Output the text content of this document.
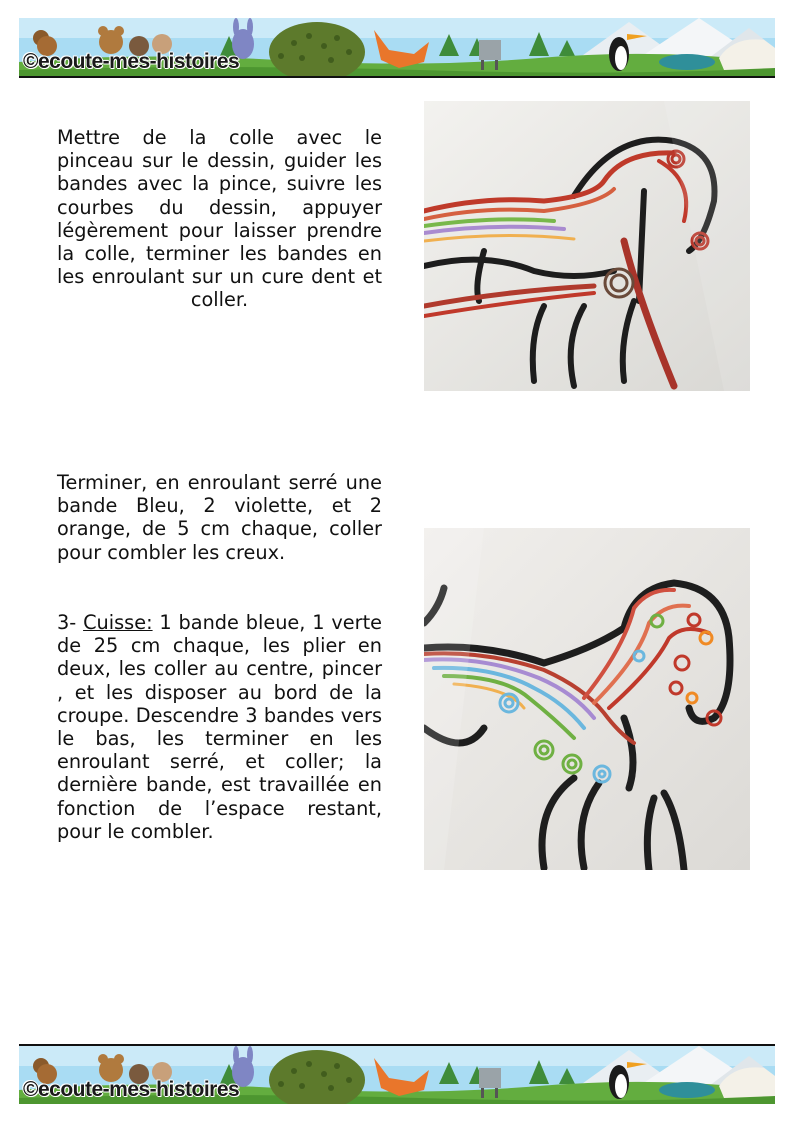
©ecoute-mes-histoires
Mettre de la colle avec le pinceau sur le dessin, guider les bandes avec la pince, suivre les courbes du dessin, appuyer légèrement pour laisser prendre la colle, terminer les bandes en les enroulant sur un cure dent et coller.
Terminer, en enroulant serré une bande Bleu, 2 violette, et 2 orange, de 5 cm chaque, coller pour combler les creux.
3- Cuisse: 1 bande bleue, 1 verte de 25 cm chaque, les plier en deux, les coller au centre, pincer , et les disposer au bord de la croupe. Descendre 3 bandes vers le bas, les terminer en les enroulant serré, et coller; la dernière bande, est travaillée en fonction de l’espace restant, pour le combler.
©ecoute-mes-histoires
